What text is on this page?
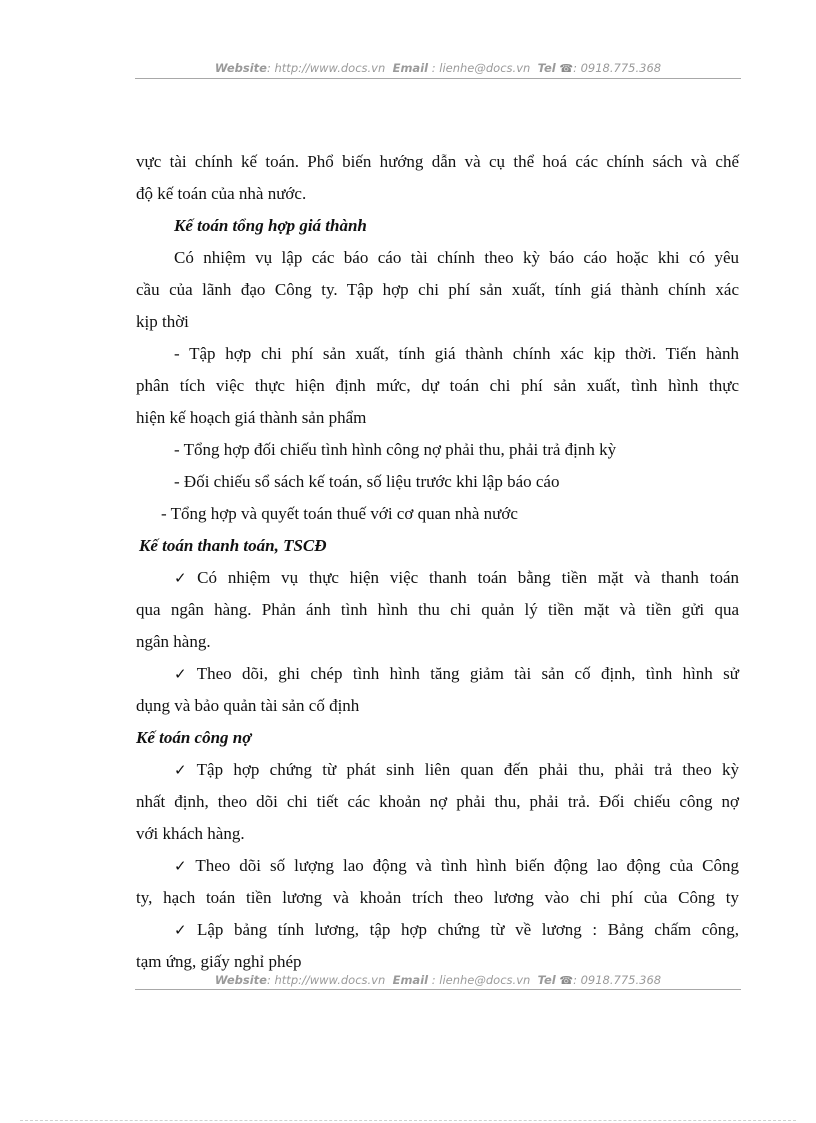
Website: http://www.docs.vn Email : lienhe@docs.vn Tel ☎: 0918.775.368
vực tài chính kế toán. Phổ biến hướng dẫn và cụ thể hoá các chính sách và chế
độ kế toán của nhà nước.
Kế toán tổng hợp giá thành
Có nhiệm vụ lập các báo cáo tài chính theo kỳ báo cáo hoặc khi có yêu
cầu của lãnh đạo Công ty. Tập hợp chi phí sản xuất, tính giá thành chính xác
kịp thời
- Tập hợp chi phí sản xuất, tính giá thành chính xác kịp thời. Tiến hành
phân tích việc thực hiện định mức, dự toán chi phí sản xuất, tình hình thực
hiện kế hoạch giá thành sản phẩm
- Tổng hợp đối chiếu tình hình công nợ phải thu, phải trả định kỳ
- Đối chiếu sổ sách kế toán, số liệu trước khi lập báo cáo
- Tổng hợp và quyết toán thuế với cơ quan nhà nước
Kế toán thanh toán, TSCĐ
✓ Có nhiệm vụ thực hiện việc thanh toán bằng tiền mặt và thanh toán
qua ngân hàng. Phản ánh tình hình thu chi quản lý tiền mặt và tiền gửi qua
ngân hàng.
✓ Theo dõi, ghi chép tình hình tăng giảm tài sản cố định, tình hình sử
dụng và bảo quản tài sản cố định
Kế toán công nợ
✓ Tập hợp chứng từ phát sinh liên quan đến phải thu, phải trả theo kỳ
nhất định, theo dõi chi tiết các khoản nợ phải thu, phải trả. Đối chiếu công nợ
với khách hàng.
✓ Theo dõi số lượng lao động và tình hình biến động lao động của Công
ty, hạch toán tiền lương và khoản trích theo lương vào chi phí của Công ty
✓ Lập bảng tính lương, tập hợp chứng từ về lương : Bảng chấm công,
tạm ứng, giấy nghỉ phép
Website: http://www.docs.vn Email : lienhe@docs.vn Tel ☎: 0918.775.368
